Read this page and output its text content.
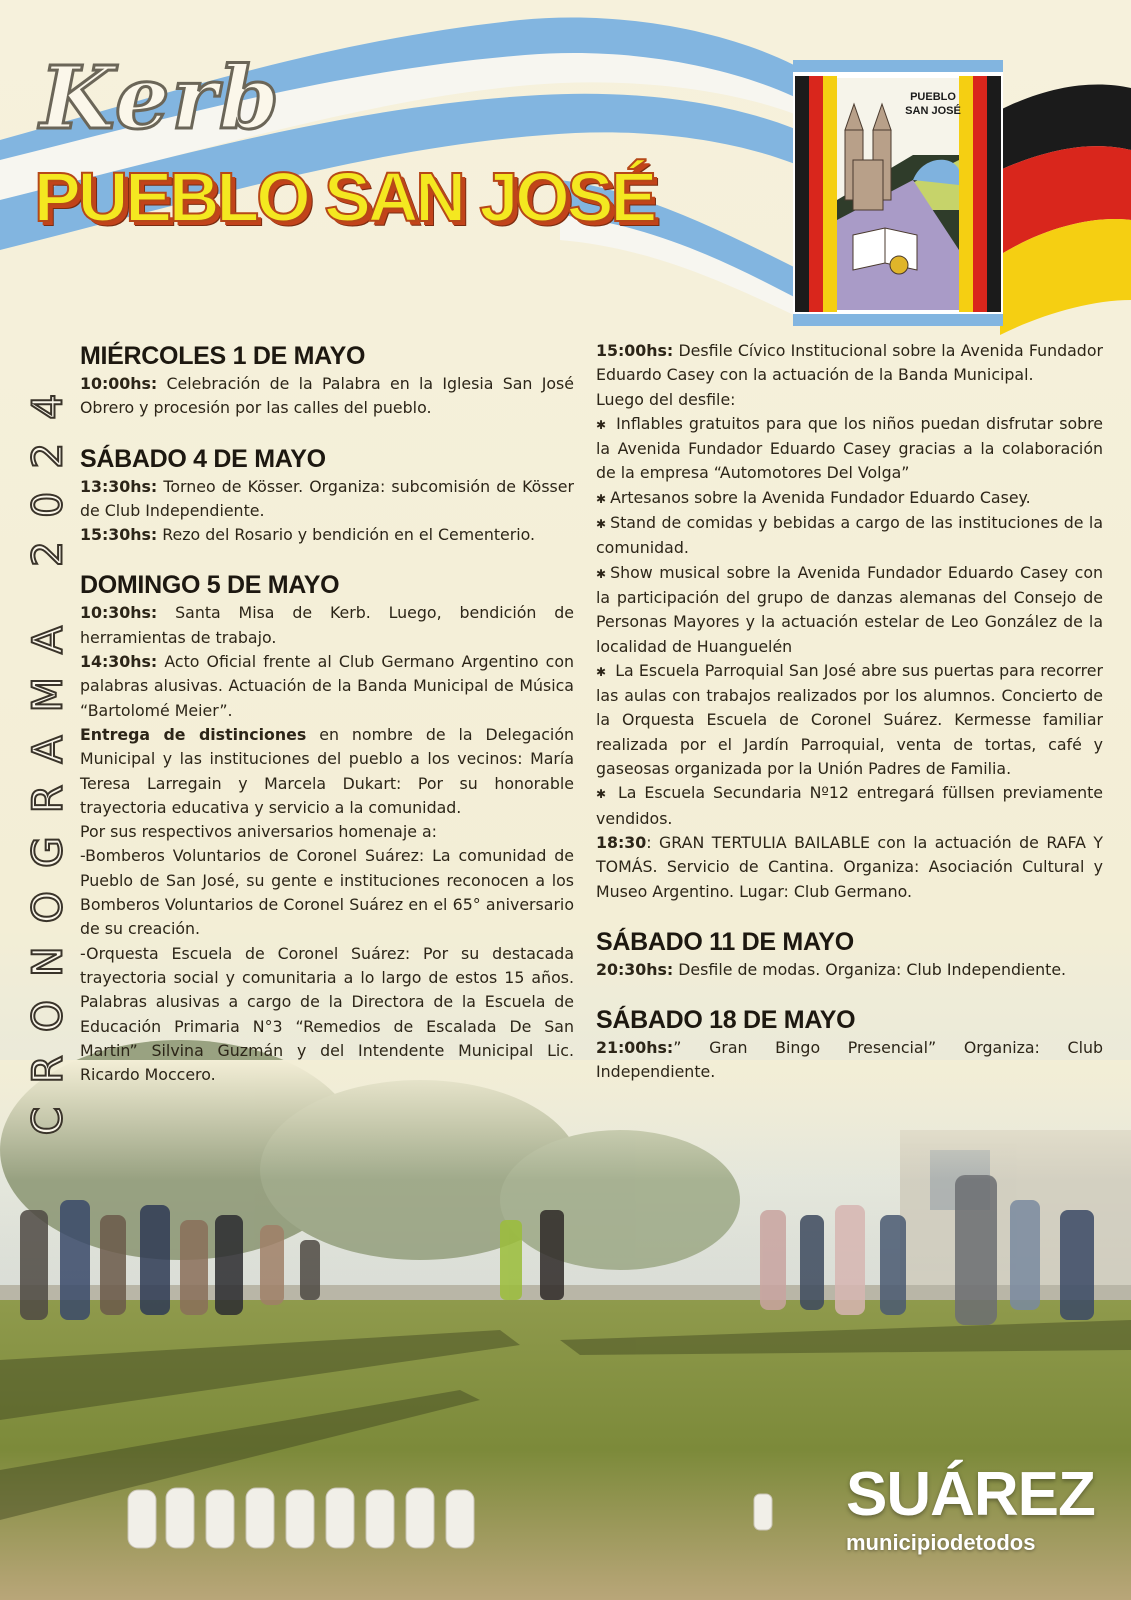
Kerb
PUEBLO SAN JOSÉ
PUEBLO
SAN JOSÉ
CRONOGRAMA 2024
MIÉRCOLES 1 DE MAYO

10:00hs: Celebración de la Palabra en la Iglesia San José Obrero y procesión por las calles del pueblo.

SÁBADO 4 DE MAYO

13:30hs: Torneo de Kösser. Organiza: subcomisión de Kösser de Club Independiente.

15:30hs: Rezo del Rosario y bendición en el Cementerio.

DOMINGO 5 DE MAYO

10:30hs: Santa Misa de Kerb. Luego, bendición de herramientas de trabajo.

14:30hs: Acto Oficial frente al Club Germano Argentino con palabras alusivas. Actuación de la Banda Municipal de Música “Bartolomé Meier”.

Entrega de distinciones en nombre de la Delegación Municipal y las instituciones del pueblo a los vecinos: María Teresa Larregain y Marcela Dukart: Por su honorable trayectoria educativa y servicio a la comunidad.

Por sus respectivos aniversarios homenaje a:

-Bomberos Voluntarios de Coronel Suárez: La comunidad de Pueblo de San José, su gente e instituciones reconocen a los Bomberos Voluntarios de Coronel Suárez en el 65° aniversario de su creación.

-Orquesta Escuela de Coronel Suárez: Por su destacada trayectoria social y comunitaria a lo largo de estos 15 años. Palabras alusivas a cargo de la Directora de la Escuela de Educación Primaria N°3 “Remedios de Escalada De San Martin” Silvina Guzmán y del Intendente Municipal Lic. Ricardo Moccero.

15:00hs: Desfile Cívico Institucional sobre la Avenida Fundador Eduardo Casey con la actuación de la Banda Municipal.

Luego del desfile:

✱ Inflables gratuitos para que los niños puedan disfrutar sobre la Avenida Fundador Eduardo Casey gracias a la colaboración de la empresa “Automotores Del Volga”

✱ Artesanos sobre la Avenida Fundador Eduardo Casey.

✱ Stand de comidas y bebidas a cargo de las instituciones de la comunidad.

✱ Show musical sobre la Avenida Fundador Eduardo Casey con la participación del grupo de danzas alemanas del Consejo de Personas Mayores y la actuación estelar de Leo González de la localidad de Huanguelén

✱ La Escuela Parroquial San José abre sus puertas para recorrer las aulas con trabajos realizados por los alumnos. Concierto de la Orquesta Escuela de Coronel Suárez. Kermesse familiar realizada por el Jardín Parroquial, venta de tortas, café y gaseosas organizada por la Unión Padres de Familia.

✱ La Escuela Secundaria Nº12 entregará füllsen previamente vendidos.

18:30: GRAN TERTULIA BAILABLE con la actuación de RAFA Y TOMÁS. Servicio de Cantina. Organiza: Asociación Cultural y Museo Argentino. Lugar: Club Germano.

SÁBADO 11 DE MAYO

20:30hs: Desfile de modas. Organiza: Club Independiente.

SÁBADO 18 DE MAYO

21:00hs:” Gran Bingo Presencial” Organiza: Club Independiente.

SUÁREZ
municipiodetodos
